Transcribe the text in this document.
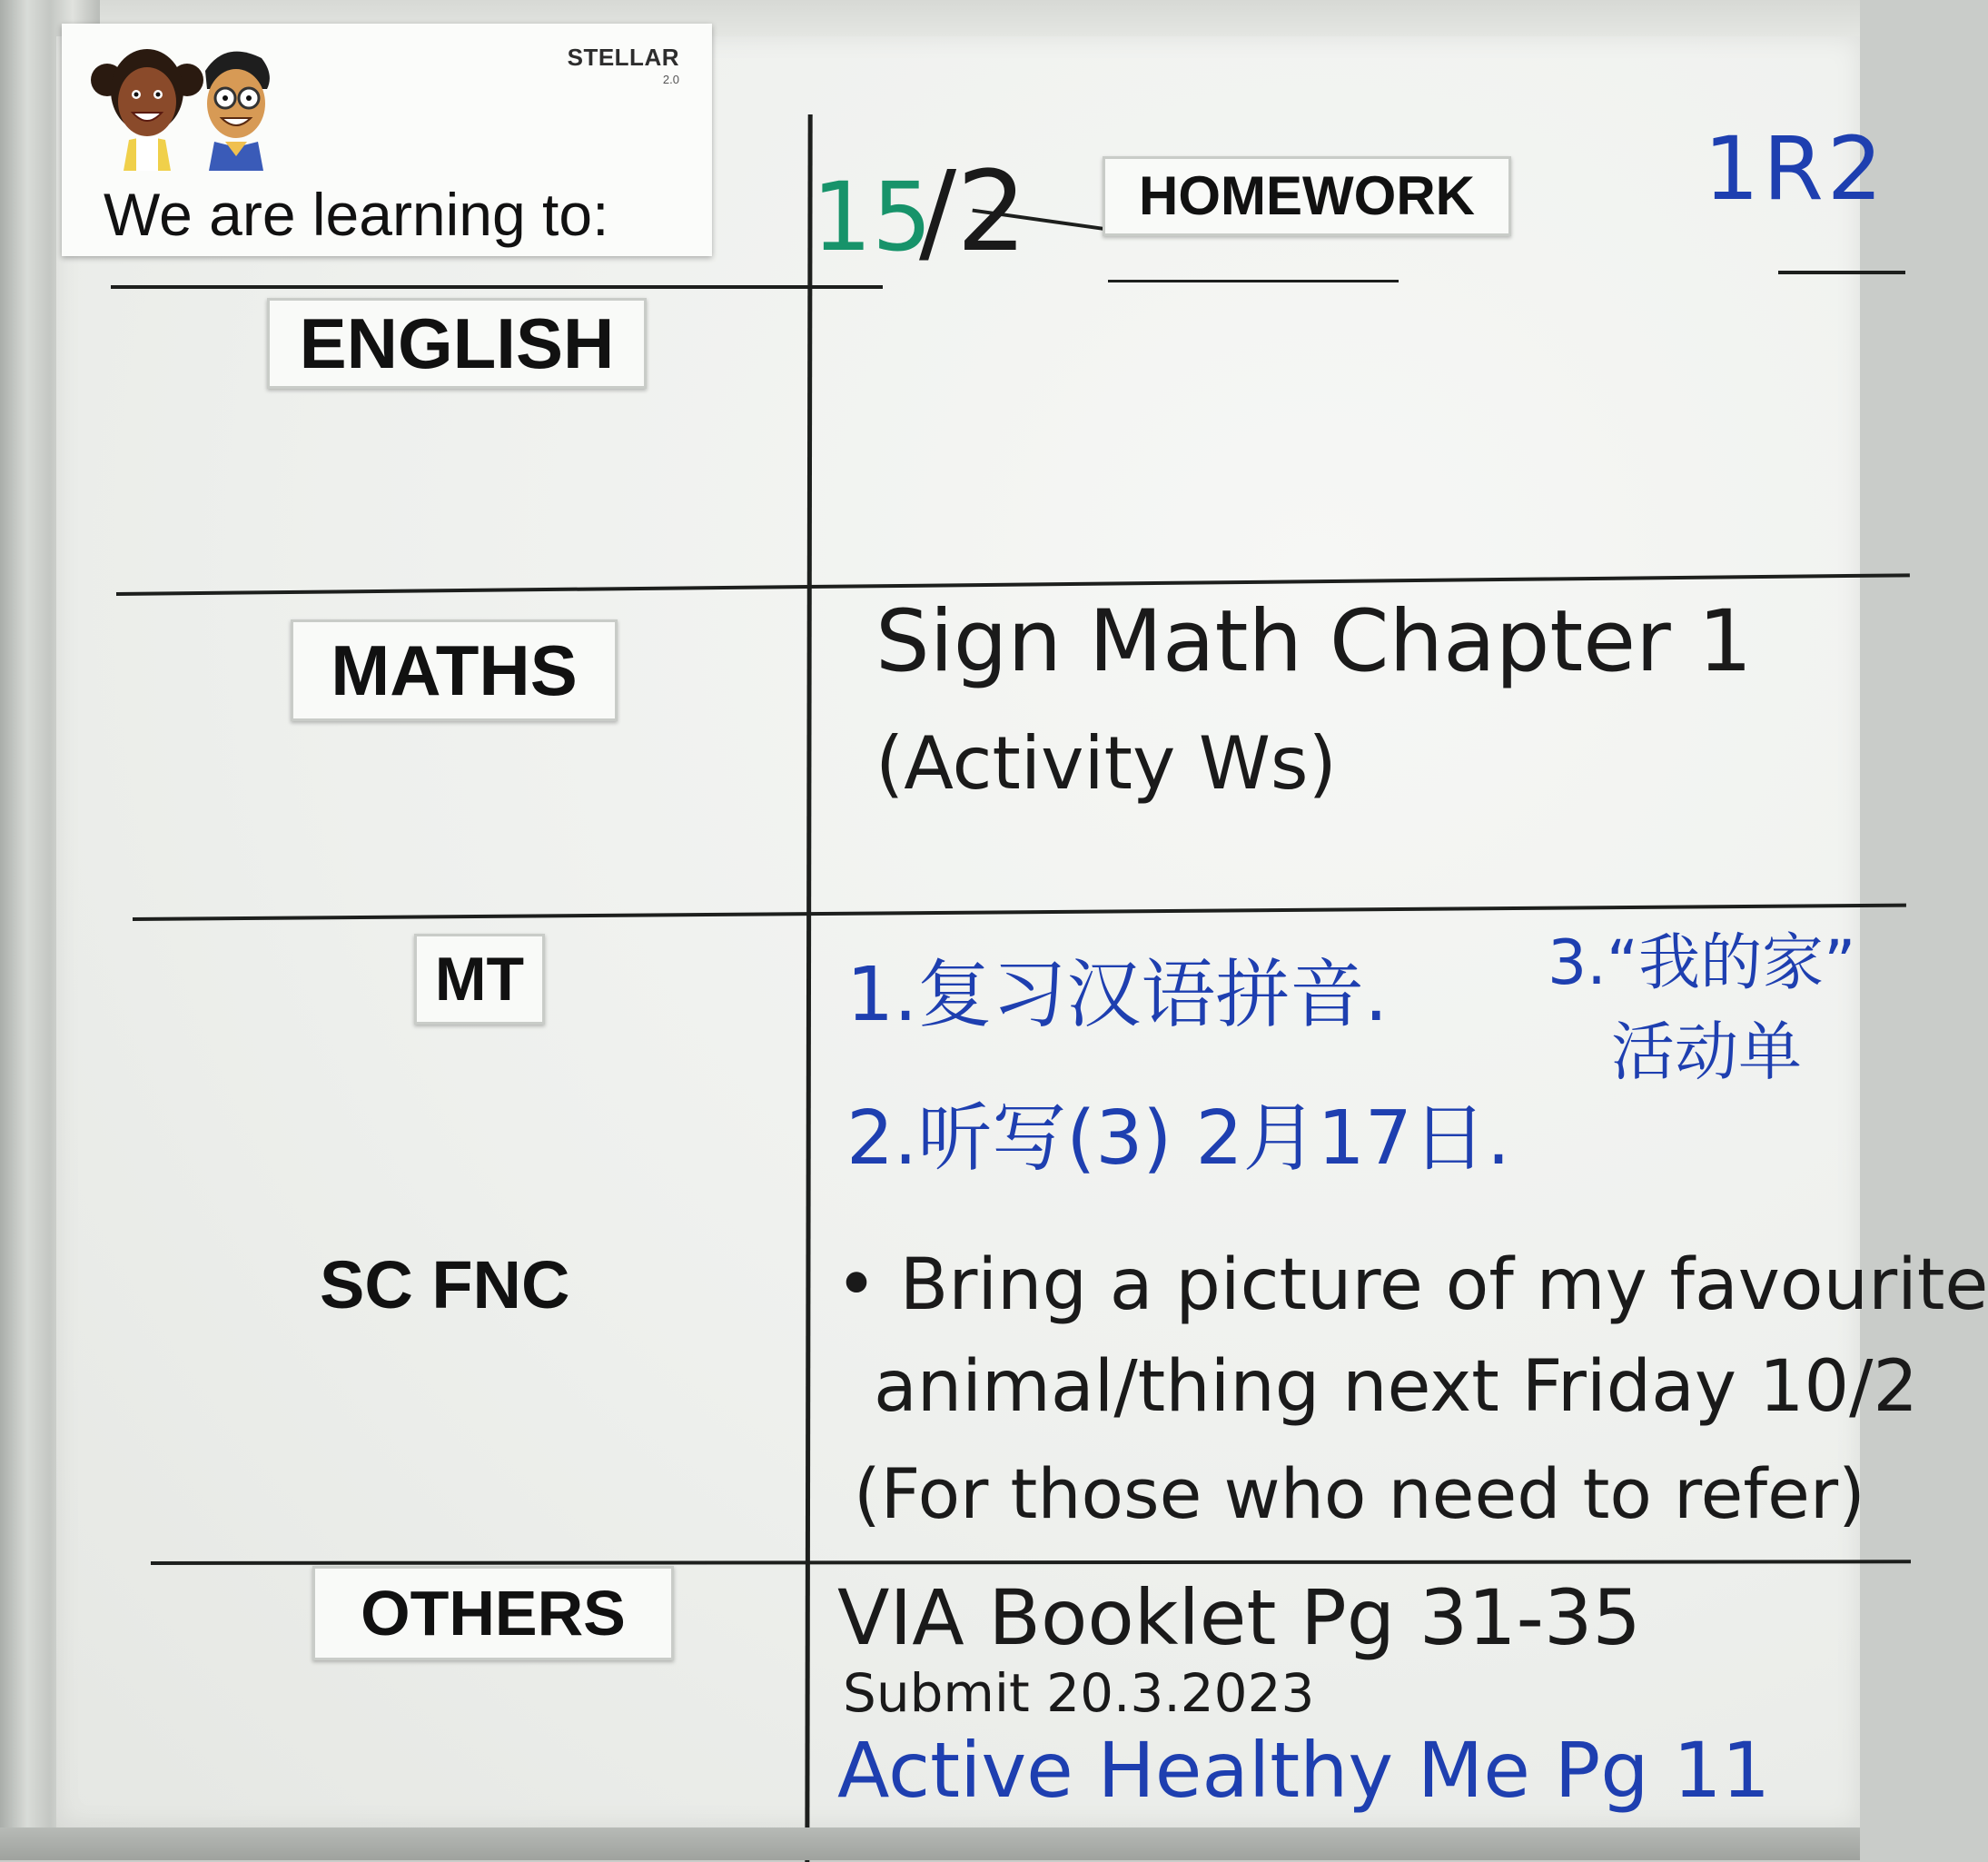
15
/2	HOMEWORK	1R2
ENGLISH
MATHS
MT
SC FNC
OTHERS
Sign Math Chapter 1
(Activity Ws)
1.复习汉语拼音.
2.听写(3) 2月17日.
3.“我的家”
活动单
• Bring a picture of my favourite
animal/thing next Friday 10/2
(For those who need to refer)
VIA Booklet Pg 31-35
Submit 20.3.2023
Active Healthy Me Pg 11
STELLAR
2.0
We are learning to:
